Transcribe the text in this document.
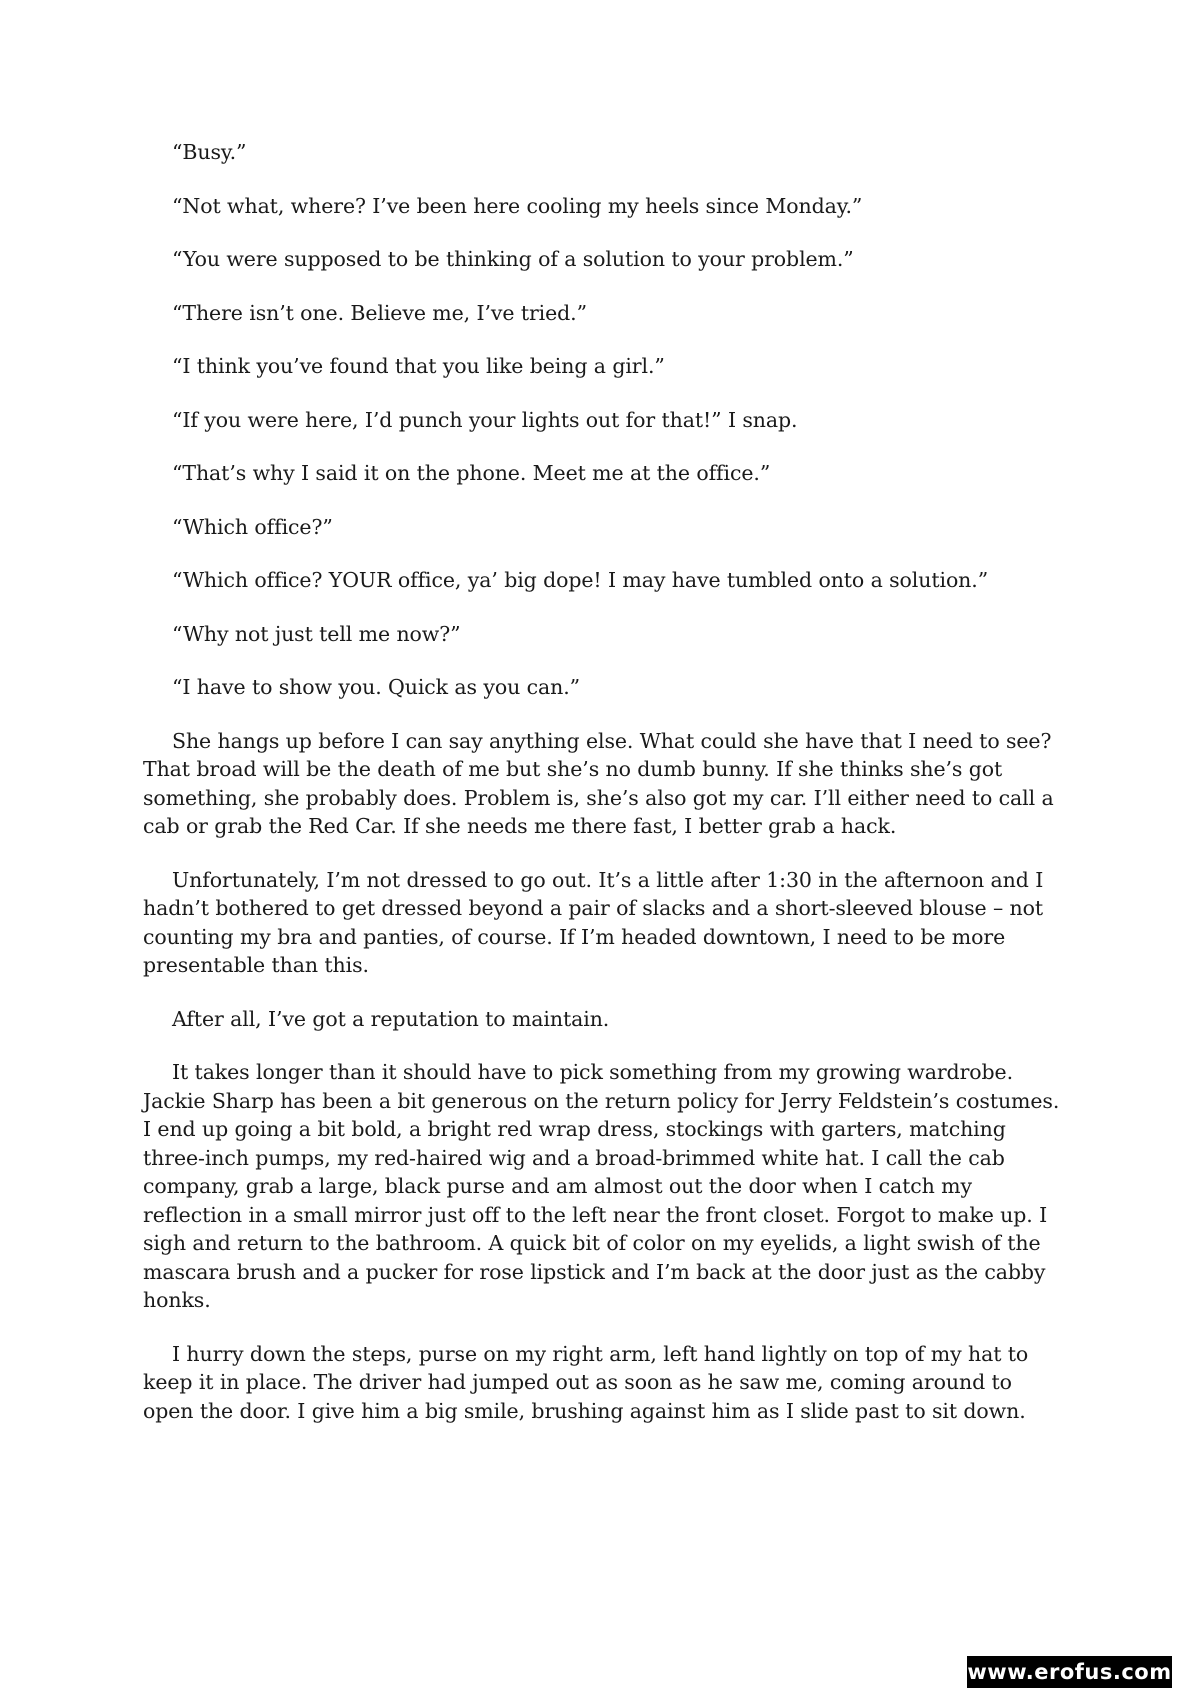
“Busy.”

“Not what, where? I’ve been here cooling my heels since Monday.”

“You were supposed to be thinking of a solution to your problem.”

“There isn’t one. Believe me, I’ve tried.”

“I think you’ve found that you like being a girl.”

“If you were here, I’d punch your lights out for that!” I snap.

“That’s why I said it on the phone. Meet me at the office.”

“Which office?”

“Which office? YOUR office, ya’ big dope! I may have tumbled onto a solution.”

“Why not just tell me now?”

“I have to show you. Quick as you can.”

She hangs up before I can say anything else. What could she have that I need to see? That broad will be the death of me but she’s no dumb bunny. If she thinks she’s got something, she probably does. Problem is, she’s also got my car. I’ll either need to call a cab or grab the Red Car. If she needs me there fast, I better grab a hack.

Unfortunately, I’m not dressed to go out. It’s a little after 1:30 in the afternoon and I hadn’t bothered to get dressed beyond a pair of slacks and a short-sleeved blouse – not counting my bra and panties, of course. If I’m headed downtown, I need to be more presentable than this.

After all, I’ve got a reputation to maintain.

It takes longer than it should have to pick something from my growing wardrobe. Jackie Sharp has been a bit generous on the return policy for Jerry Feldstein’s costumes. I end up going a bit bold, a bright red wrap dress, stockings with garters, matching three-inch pumps, my red-haired wig and a broad-brimmed white hat. I call the cab company, grab a large, black purse and am almost out the door when I catch my reflection in a small mirror just off to the left near the front closet. Forgot to make up. I sigh and return to the bathroom. A quick bit of color on my eyelids, a light swish of the mascara brush and a pucker for rose lipstick and I’m back at the door just as the cabby honks.

I hurry down the steps, purse on my right arm, left hand lightly on top of my hat to keep it in place. The driver had jumped out as soon as he saw me, coming around to open the door. I give him a big smile, brushing against him as I slide past to sit down.

www.erofus.com
